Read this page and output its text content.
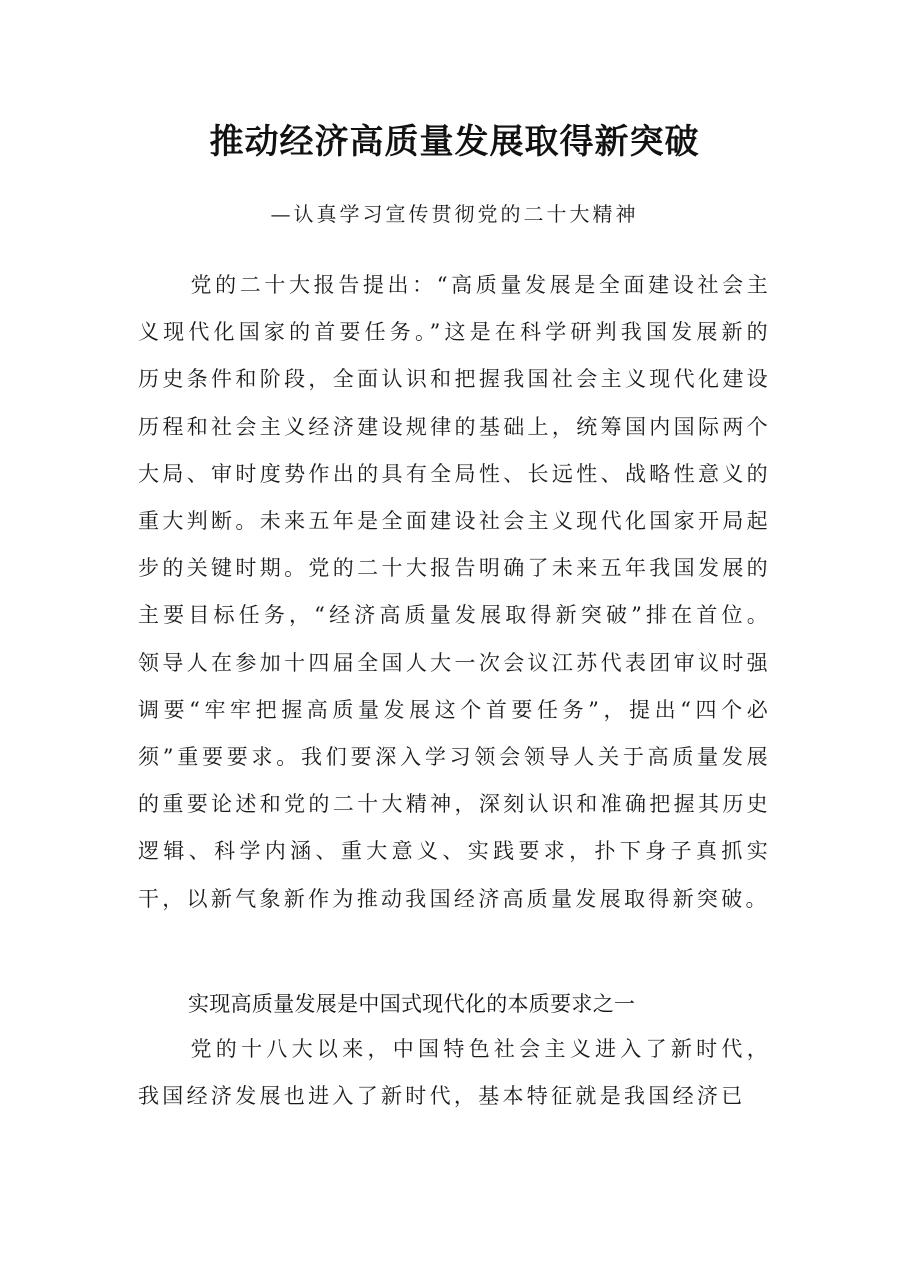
推动经济高质量发展取得新突破
—认真学习宣传贯彻党的二十大精神

党的二十大报告提出：“高质量发展是全面建设社会主义现代化国家的首要任务。”这是在科学研判我国发展新的历史条件和阶段，全面认识和把握我国社会主义现代化建设历程和社会主义经济建设规律的基础上，统筹国内国际两个大局、审时度势作出的具有全局性、长远性、战略性意义的重大判断。未来五年是全面建设社会主义现代化国家开局起步的关键时期。党的二十大报告明确了未来五年我国发展的主要目标任务，“经济高质量发展取得新突破”排在首位。领导人在参加十四届全国人大一次会议江苏代表团审议时强调要“牢牢把握高质量发展这个首要任务”，提出“四个必须”重要要求。我们要深入学习领会领导人关于高质量发展的重要论述和党的二十大精神，深刻认识和准确把握其历史逻辑、科学内涵、重大意义、实践要求，扑下身子真抓实干，以新气象新作为推动我国经济高质量发展取得新突破。

实现高质量发展是中国式现代化的本质要求之一

党的十八大以来，中国特色社会主义进入了新时代，我国经济发展也进入了新时代，基本特征就是我国经济已
